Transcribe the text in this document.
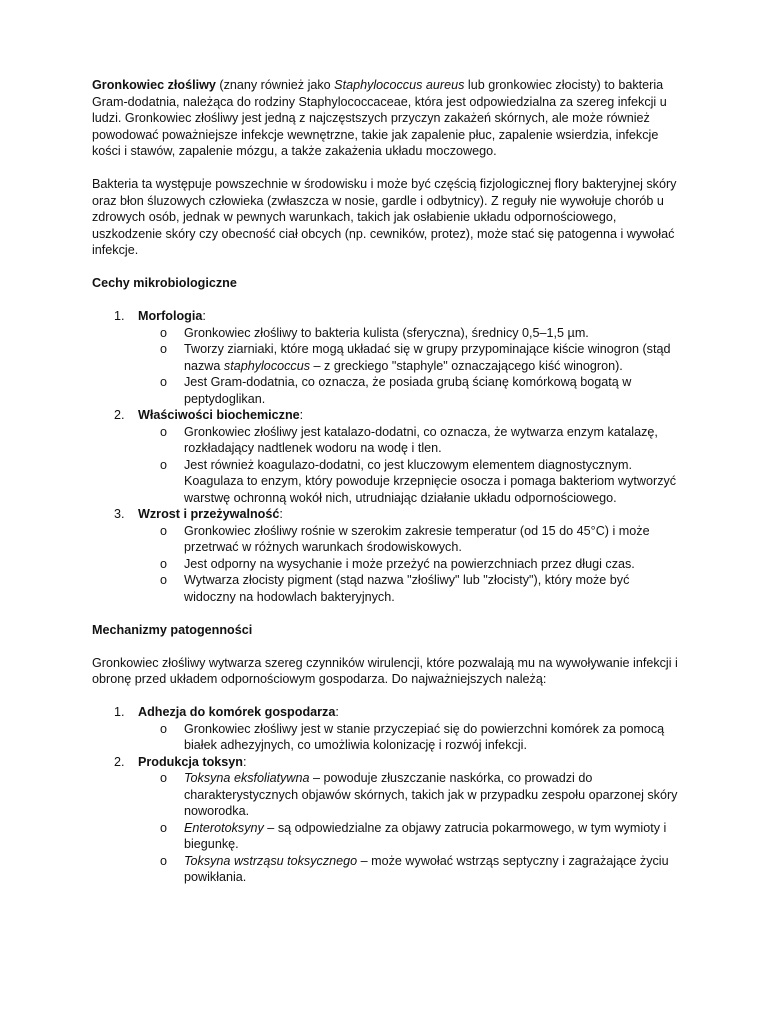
Gronkowiec złośliwy (znany również jako Staphylococcus aureus lub gronkowiec złocisty) to bakteria Gram-dodatnia, należąca do rodziny Staphylococcaceae, która jest odpowiedzialna za szereg infekcji u ludzi. Gronkowiec złośliwy jest jedną z najczęstszych przyczyn zakażeń skórnych, ale może również powodować poważniejsze infekcje wewnętrzne, takie jak zapalenie płuc, zapalenie wsierdzia, infekcje kości i stawów, zapalenie mózgu, a także zakażenia układu moczowego.

Bakteria ta występuje powszechnie w środowisku i może być częścią fizjologicznej flory bakteryjnej skóry oraz błon śluzowych człowieka (zwłaszcza w nosie, gardle i odbytnicy). Z reguły nie wywołuje chorób u zdrowych osób, jednak w pewnych warunkach, takich jak osłabienie układu odpornościowego, uszkodzenie skóry czy obecność ciał obcych (np. cewników, protez), może stać się patogenna i wywołać infekcje.

Cechy mikrobiologiczne

1. Morfologia:
o Gronkowiec złośliwy to bakteria kulista (sferyczna), średnicy 0,5–1,5 µm.
o Tworzy ziarniaki, które mogą układać się w grupy przypominające kiście winogron (stąd nazwa staphylococcus – z greckiego "staphyle" oznaczającego kiść winogron).
o Jest Gram-dodatnia, co oznacza, że posiada grubą ścianę komórkową bogatą w peptydoglikan.
2. Właściwości biochemiczne:
o Gronkowiec złośliwy jest katalazo-dodatni, co oznacza, że wytwarza enzym katalazę, rozkładający nadtlenek wodoru na wodę i tlen.
o Jest również koagulazo-dodatni, co jest kluczowym elementem diagnostycznym. Koagulaza to enzym, który powoduje krzepnięcie osocza i pomaga bakteriom wytworzyć warstwę ochronną wokół nich, utrudniając działanie układu odpornościowego.
3. Wzrost i przeżywalność:
o Gronkowiec złośliwy rośnie w szerokim zakresie temperatur (od 15 do 45°C) i może przetrwać w różnych warunkach środowiskowych.
o Jest odporny na wysychanie i może przeżyć na powierzchniach przez długi czas.
o Wytwarza złocisty pigment (stąd nazwa "złośliwy" lub "złocisty"), który może być widoczny na hodowlach bakteryjnych.

Mechanizmy patogenności

Gronkowiec złośliwy wytwarza szereg czynników wirulencji, które pozwalają mu na wywoływanie infekcji i obronę przed układem odpornościowym gospodarza. Do najważniejszych należą:

1. Adhezja do komórek gospodarza:
o Gronkowiec złośliwy jest w stanie przyczepiać się do powierzchni komórek za pomocą białek adhezyjnych, co umożliwia kolonizację i rozwój infekcji.
2. Produkcja toksyn:
o Toksyna eksfoliatywna – powoduje złuszczanie naskórka, co prowadzi do charakterystycznych objawów skórnych, takich jak w przypadku zespołu oparzonej skóry noworodka.
o Enterotoksyny – są odpowiedzialne za objawy zatrucia pokarmowego, w tym wymioty i biegunkę.
o Toksyna wstrząsu toksycznego – może wywołać wstrząs septyczny i zagrażające życiu powikłania.
